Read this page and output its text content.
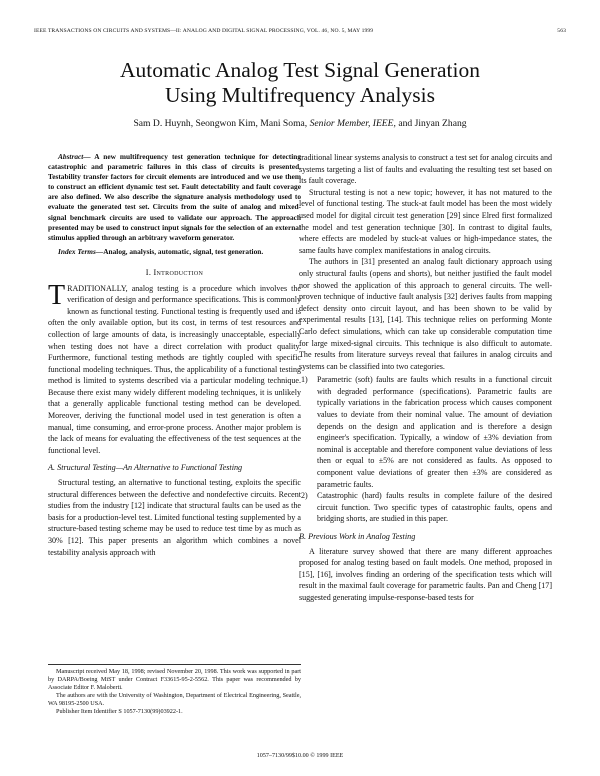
IEEE TRANSACTIONS ON CIRCUITS AND SYSTEMS—II: ANALOG AND DIGITAL SIGNAL PROCESSING, VOL. 46, NO. 5, MAY 1999	563
Automatic Analog Test Signal Generation
Using Multifrequency Analysis
Sam D. Huynh, Seongwon Kim, Mani Soma, Senior Member, IEEE, and Jinyan Zhang

Abstract— A new multifrequency test generation technique for detecting catastrophic and parametric failures in this class of circuits is presented. Testability transfer factors for circuit elements are introduced and we use them to construct an efficient dynamic test set. Fault detectability and fault coverage are also defined. We also describe the signature analysis methodology used to evaluate the generated test set. Circuits from the suite of analog and mixed-signal benchmark circuits are used to validate our approach. The approach presented may be used to construct input signals for the selection of an external stimulus applied through an arbitrary waveform generator.

Index Terms—Analog, analysis, automatic, signal, test generation.

I. Introduction

TRADITIONALLY, analog testing is a procedure which involves the verification of design and performance specifications. This is commonly known as functional testing. Functional testing is frequently used and is often the only available option, but its cost, in terms of test resources and collection of large amounts of data, is increasingly unacceptable, especially when testing does not have a direct correlation with product quality. Furthermore, functional testing methods are tightly coupled with specific functional modeling techniques. Thus, the applicability of a functional testing method is limited to systems described via a particular modeling technique. Because there exist many widely different modeling techniques, it is unlikely that a generally applicable functional testing method can be developed. Moreover, deriving the functional model used in test generation is often a manual, time consuming, and error-prone process. Another major problem is the lack of means for evaluating the effectiveness of the test sequences at the functional level.

A. Structural Testing—An Alternative to Functional Testing

Structural testing, an alternative to functional testing, exploits the specific structural differences between the defective and nondefective circuits. Recent studies from the industry [12] indicate that structural faults can be used as the basis for a production-level test. Limited functional testing supplemented by a structure-based testing scheme may be used to reduce test time by as much as 30% [12]. This paper presents an algorithm which combines a novel testability analysis approach with

traditional linear systems analysis to construct a test set for analog circuits and systems targeting a list of faults and evaluating the resulting test set based on its fault coverage.

Structural testing is not a new topic; however, it has not matured to the level of functional testing. The stuck-at fault model has been the most widely used model for digital circuit test generation [29] since Elred first formalized the model and test generation technique [30]. In contrast to digital faults, where effects are modeled by stuck-at values or high-impedance states, the same faults have complex manifestations in analog circuits.

The authors in [31] presented an analog fault dictionary approach using only structural faults (opens and shorts), but neither justified the fault model nor showed the application of this approach to general circuits. The well-proven technique of inductive fault analysis [32] derives faults from mapping defect density onto circuit layout, and has been shown to be valid by experimental results [13], [14]. This technique relies on performing Monte Carlo defect simulations, which can take up considerable computation time for large mixed-signal circuits. This technique is also difficult to automate. The results from literature surveys reveal that failures in analog circuits and systems can be classified into two categories.

1)	Parametric (soft) faults are faults which results in a functional circuit with degraded performance (specifications). Parametric faults are typically variations in the fabrication process which causes component values to deviate from their nominal value. The amount of deviation depends on the design and application and is therefore a design engineer's specification. Typically, a window of ±3% deviation from nominal is acceptable and therefore component value deviations of less then or equal to ±5% are not considered as faults. As opposed to component value deviations of greater then ±3% are considered as parametric faults.
2)	Catastrophic (hard) faults results in complete failure of the desired circuit function. Two specific types of catastrophic faults, opens and bridging shorts, are studied in this paper.
B. Previous Work in Analog Testing

A literature survey showed that there are many different approaches proposed for analog testing based on fault models. One method, proposed in [15], [16], involves finding an ordering of the specification tests which will result in the maximal fault coverage for parametric faults. Pan and Cheng [17] suggested generating impulse-response-based tests for

Manuscript received May 18, 1998; revised November 20, 1998. This work was supported in part by DARPA/Boeing MiST under Contract F33615-95-2-5562. This paper was recommended by Associate Editor F. Maloberti.

The authors are with the University of Washington, Department of Electrical Engineering, Seattle, WA 98195-2500 USA.

Publisher Item Identifier S 1057-7130(99)03922-1.

1057–7130/99$10.00 © 1999 IEEE
